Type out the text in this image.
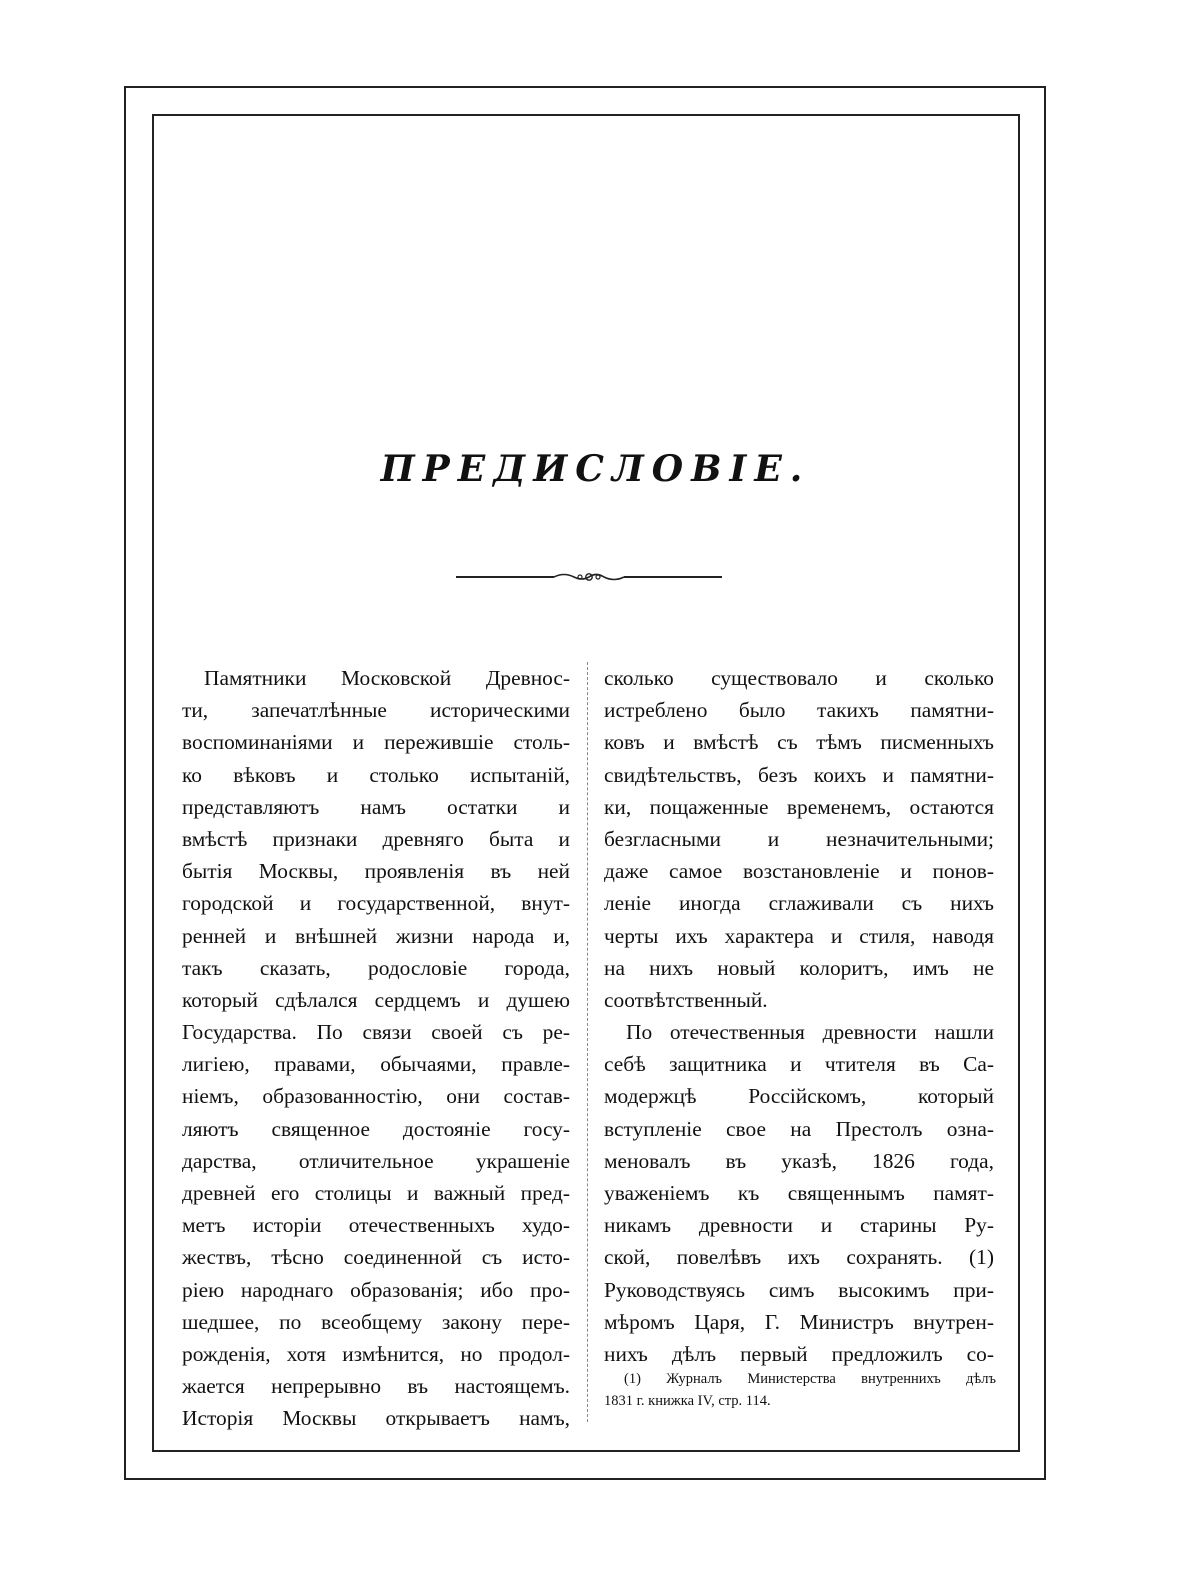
ПРЕДИСЛОВІЕ.
Памятники Московской Древнос-
ти, запечатлѣнные историческими
воспоминаніями и пережившіе столь-
ко вѣковъ и столько испытаній,
представляютъ намъ остатки и
вмѣстѣ признаки древняго быта и
бытія Москвы, проявленія въ ней
городской и государственной, внут-
ренней и внѣшней жизни народа и,
такъ сказать, родословіе города,
который сдѣлался сердцемъ и душею
Государства. По связи своей съ ре-
лигіею, правами, обычаями, правле-
ніемъ, образованностію, они состав-
ляютъ священное достояніе госу-
дарства, отличительное украшеніе
древней его столицы и важный пред-
метъ исторіи отечественныхъ худо-
жествъ, тѣсно соединенной съ исто-
ріею народнаго образованія; ибо про-
шедшее, по всеобщему закону пере-
рожденія, хотя измѣнится, но продол-
жается непрерывно въ настоящемъ.
Исторія Москвы открываетъ намъ,
сколько существовало и сколько
истреблено было такихъ памятни-
ковъ и вмѣстѣ съ тѣмъ писменныхъ
свидѣтельствъ, безъ коихъ и памятни-
ки, пощаженные временемъ, остаются
безгласными и незначительными;
даже самое возстановленіе и понов-
леніе иногда сглаживали съ нихъ
черты ихъ характера и стиля, наводя
на нихъ новый колоритъ, имъ не
соотвѣтственный.
По отечественныя древности нашли
себѣ защитника и чтителя въ Са-
модержцѣ Россійскомъ, который
вступленіе свое на Престолъ озна-
меновалъ въ указѣ, 1826 года,
уваженіемъ къ священнымъ памят-
никамъ древности и старины Ру-
ской, повелѣвъ ихъ сохранять. (1)
Руководствуясь симъ высокимъ при-
мѣромъ Царя, Г. Министръ внутрен-
нихъ дѣлъ первый предложилъ со-
(1) Журналъ Министерства внутреннихъ дѣлъ
1831 г. книжка IV, стр. 114.
